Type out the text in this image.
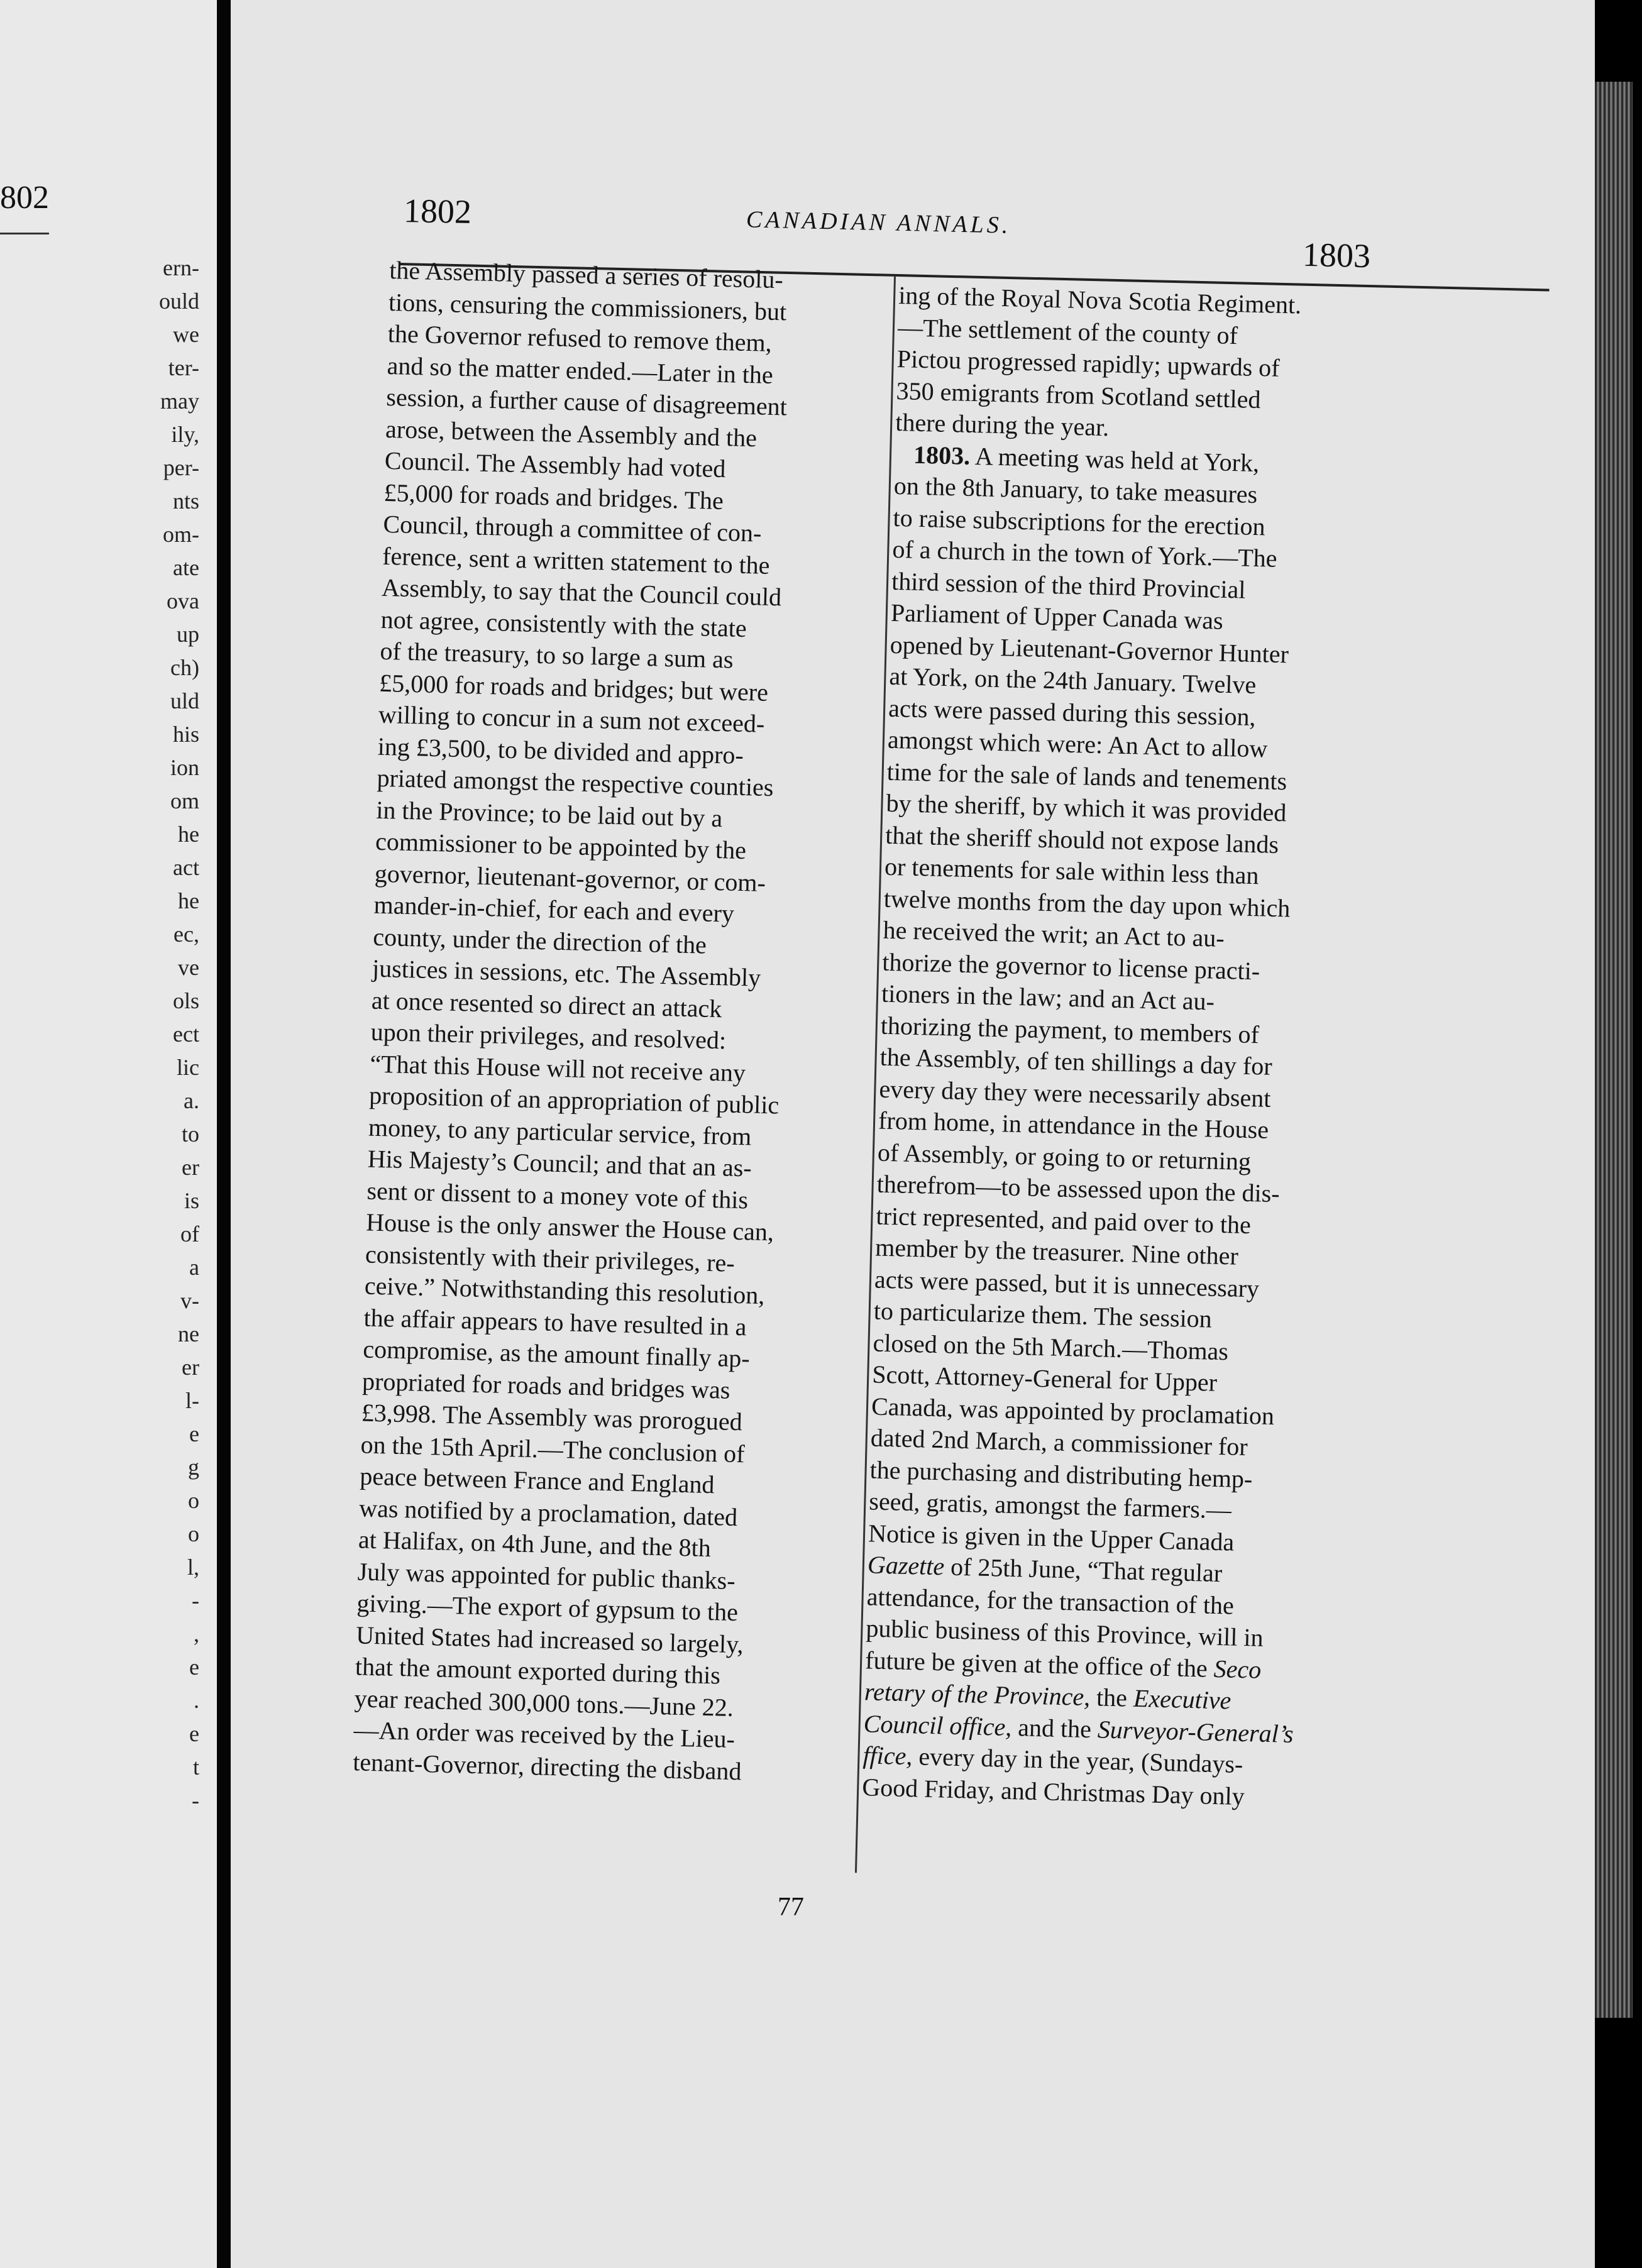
802
ern-
ould
we
ter-
may
ily,
per-
nts
om-
ate
ova
up
ch)
uld
his
ion
om
he
act
he
ec,
ve
ols
ect
lic
a.
to
er
is
of
a
v-
ne
er
l-
e
g
o
o
l,
-
,
e
.
e
t
-
1802	CANADIAN ANNALS.
1803
the Assembly passed a series of resolu-
tions, censuring the commissioners, but
the Governor refused to remove them,
and so the matter ended.—Later in the
session, a further cause of disagreement
arose, between the Assembly and the
Council. The Assembly had voted
£5,000 for roads and bridges. The
Council, through a committee of con-
ference, sent a written statement to the
Assembly, to say that the Council could
not agree, consistently with the state
of the treasury, to so large a sum as
£5,000 for roads and bridges; but were
willing to concur in a sum not exceed-
ing £3,500, to be divided and appro-
priated amongst the respective counties
in the Province; to be laid out by a
commissioner to be appointed by the
governor, lieutenant-governor, or com-
mander-in-chief, for each and every
county, under the direction of the
justices in sessions, etc. The Assembly
at once resented so direct an attack
upon their privileges, and resolved:
“That this House will not receive any
proposition of an appropriation of public
money, to any particular service, from
His Majesty’s Council; and that an as-
sent or dissent to a money vote of this
House is the only answer the House can,
consistently with their privileges, re-
ceive.” Notwithstanding this resolution,
the affair appears to have resulted in a
compromise, as the amount finally ap-
propriated for roads and bridges was
£3,998. The Assembly was prorogued
on the 15th April.—The conclusion of
peace between France and England
was notified by a proclamation, dated
at Halifax, on 4th June, and the 8th
July was appointed for public thanks-
giving.—The export of gypsum to the
United States had increased so largely,
that the amount exported during this
year reached 300,000 tons.—June 22.
—An order was received by the Lieu-
tenant-Governor, directing the disband
ing of the Royal Nova Scotia Regiment.
—The settlement of the county of
Pictou progressed rapidly; upwards of
350 emigrants from Scotland settled
there during the year.
1803. A meeting was held at York,
on the 8th January, to take measures
to raise subscriptions for the erection
of a church in the town of York.—The
third session of the third Provincial
Parliament of Upper Canada was
opened by Lieutenant-Governor Hunter
at York, on the 24th January. Twelve
acts were passed during this session,
amongst which were: An Act to allow
time for the sale of lands and tenements
by the sheriff, by which it was provided
that the sheriff should not expose lands
or tenements for sale within less than
twelve months from the day upon which
he received the writ; an Act to au-
thorize the governor to license practi-
tioners in the law; and an Act au-
thorizing the payment, to members of
the Assembly, of ten shillings a day for
every day they were necessarily absent
from home, in attendance in the House
of Assembly, or going to or returning
therefrom—to be assessed upon the dis-
trict represented, and paid over to the
member by the treasurer. Nine other
acts were passed, but it is unnecessary
to particularize them. The session
closed on the 5th March.—Thomas
Scott, Attorney-General for Upper
Canada, was appointed by proclamation
dated 2nd March, a commissioner for
the purchasing and distributing hemp-
seed, gratis, amongst the farmers.—
Notice is given in the Upper Canada
Gazette of 25th June, “That regular
attendance, for the transaction of the
public business of this Province, will in
future be given at the office of the Seco
retary of the Province, the Executive
Council office, and the Surveyor-General’s
ffice, every day in the year, (Sundays-
Good Friday, and Christmas Day only
77
